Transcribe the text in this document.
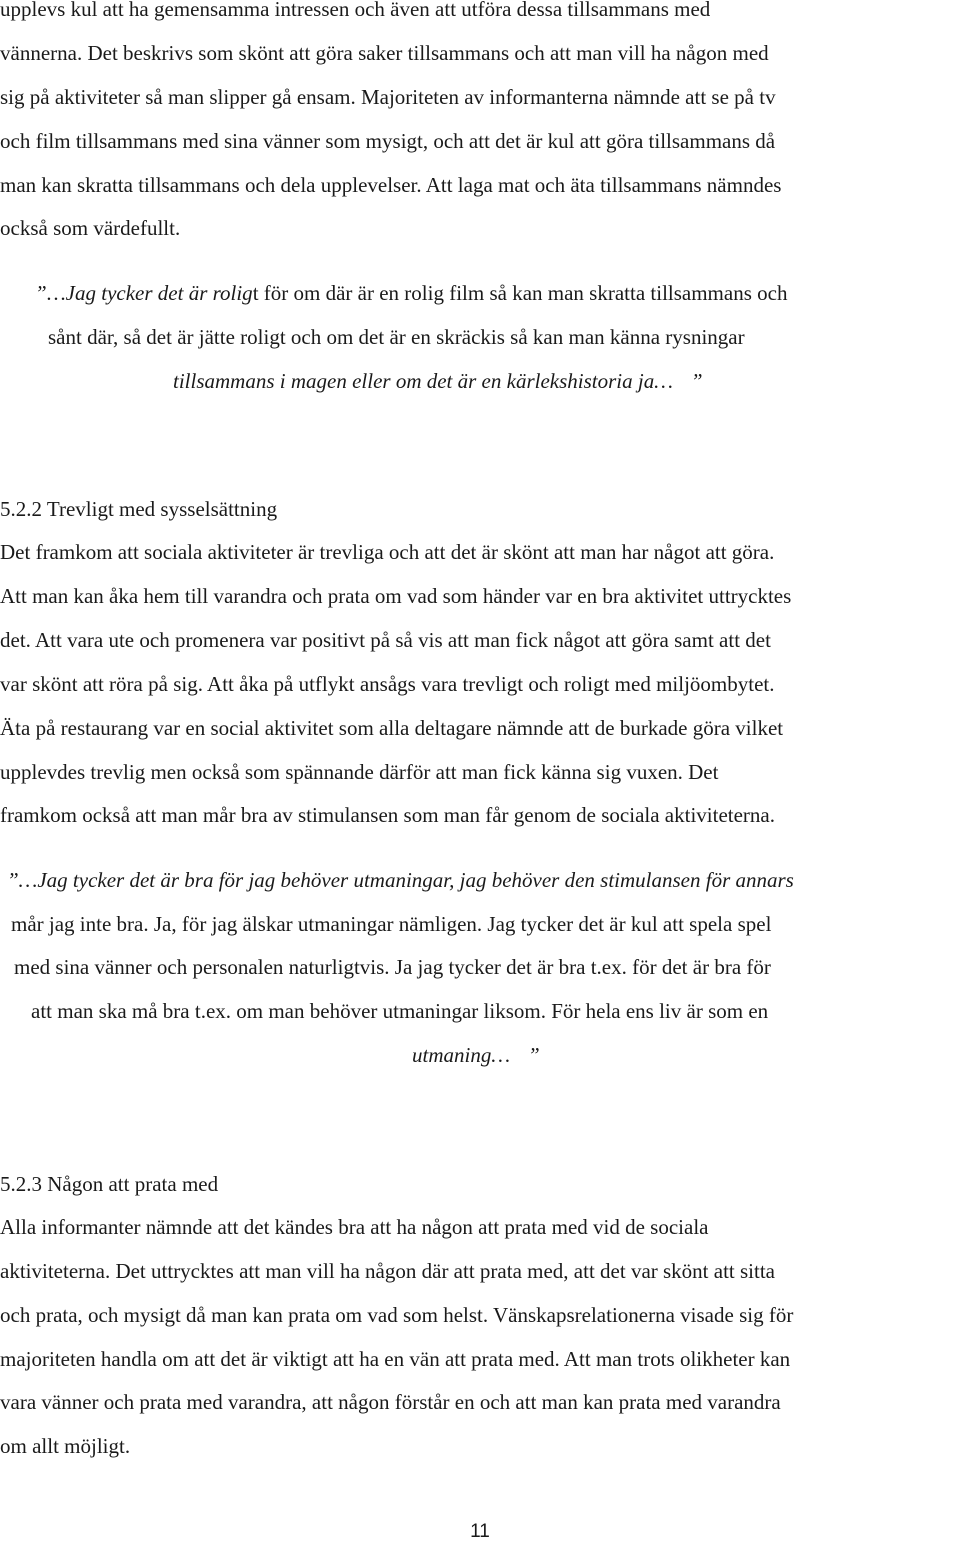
upplevs kul att ha gemensamma intressen och även att utföra dessa tillsammans med
vännerna. Det beskrivs som skönt att göra saker tillsammans och att man vill ha någon med
sig på aktiviteter så man slipper gå ensam. Majoriteten av informanterna nämnde att se på tv
och film tillsammans med sina vänner som mysigt, och att det är kul att göra tillsammans då
man kan skratta tillsammans och dela upplevelser. Att laga mat och äta tillsammans nämndes
också som värdefullt.
” …Jag tycker det är roligt för om där är en rolig film så kan man skratta tillsammans och
sånt där, så det är jätte roligt och om det är en skräckis så kan man känna rysningar
tillsammans i magen eller om det är en kärlekshistoria ja… ”
5.2.2 Trevligt med sysselsättning
Det framkom att sociala aktiviteter är trevliga och att det är skönt att man har något att göra.
Att man kan åka hem till varandra och prata om vad som händer var en bra aktivitet uttrycktes
det. Att vara ute och promenera var positivt på så vis att man fick något att göra samt att det
var skönt att röra på sig. Att åka på utflykt ansågs vara trevligt och roligt med miljöombytet.
Äta på restaurang var en social aktivitet som alla deltagare nämnde att de burkade göra vilket
upplevdes trevlig men också som spännande därför att man fick känna sig vuxen. Det
framkom också att man mår bra av stimulansen som man får genom de sociala aktiviteterna.
”…Jag tycker det är bra för jag behöver utmaningar, jag behöver den stimulansen för annars
mår jag inte bra. Ja, för jag älskar utmaningar nämligen. Jag tycker det är kul att spela spel
med sina vänner och personalen naturligtvis. Ja jag tycker det är bra t.ex. för det är bra för
att man ska må bra t.ex. om man behöver utmaningar liksom. För hela ens liv är som en
utmaning… ”
5.2.3 Någon att prata med
Alla informanter nämnde att det kändes bra att ha någon att prata med vid de sociala
aktiviteterna. Det uttrycktes att man vill ha någon där att prata med, att det var skönt att sitta
och prata, och mysigt då man kan prata om vad som helst. Vänskapsrelationerna visade sig för
majoriteten handla om att det är viktigt att ha en vän att prata med. Att man trots olikheter kan
vara vänner och prata med varandra, att någon förstår en och att man kan prata med varandra
om allt möjligt.
11
